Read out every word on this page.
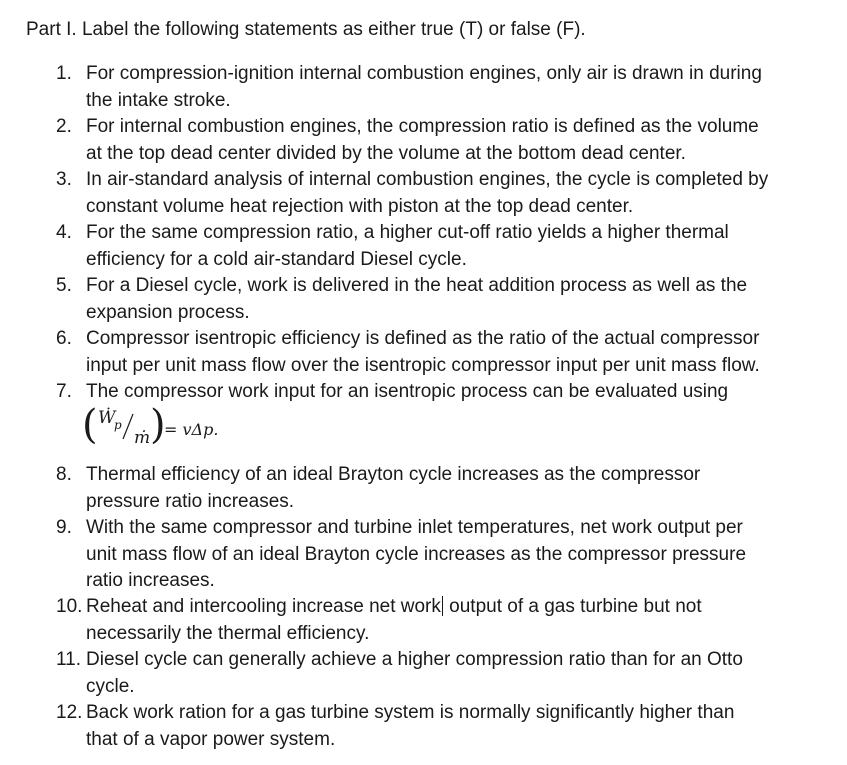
Part I. Label the following statements as either true (T) or false (F).
1. For compression-ignition internal combustion engines, only air is drawn in during
the intake stroke.
2. For internal combustion engines, the compression ratio is defined as the volume
at the top dead center divided by the volume at the bottom dead center.
3. In air-standard analysis of internal combustion engines, the cycle is completed by
constant volume heat rejection with piston at the top dead center.
4. For the same compression ratio, a higher cut-off ratio yields a higher thermal
efficiency for a cold air-standard Diesel cycle.
5. For a Diesel cycle, work is delivered in the heat addition process as well as the
expansion process.
6. Compressor isentropic efficiency is defined as the ratio of the actual compressor
input per unit mass flow over the isentropic compressor input per unit mass flow.
7. The compressor work input for an isentropic process can be evaluated using
8. Thermal efficiency of an ideal Brayton cycle increases as the compressor
pressure ratio increases.
9. With the same compressor and turbine inlet temperatures, net work output per
unit mass flow of an ideal Brayton cycle increases as the compressor pressure
ratio increases.
10. Reheat and intercooling increase net work output of a gas turbine but not
necessarily the thermal efficiency.
11. Diesel cycle can generally achieve a higher compression ratio than for an Otto
cycle.
12. Back work ration for a gas turbine system is normally significantly higher than
that of a vapor power system.
( Ẇ
p
ṁ )
= vΔp.
